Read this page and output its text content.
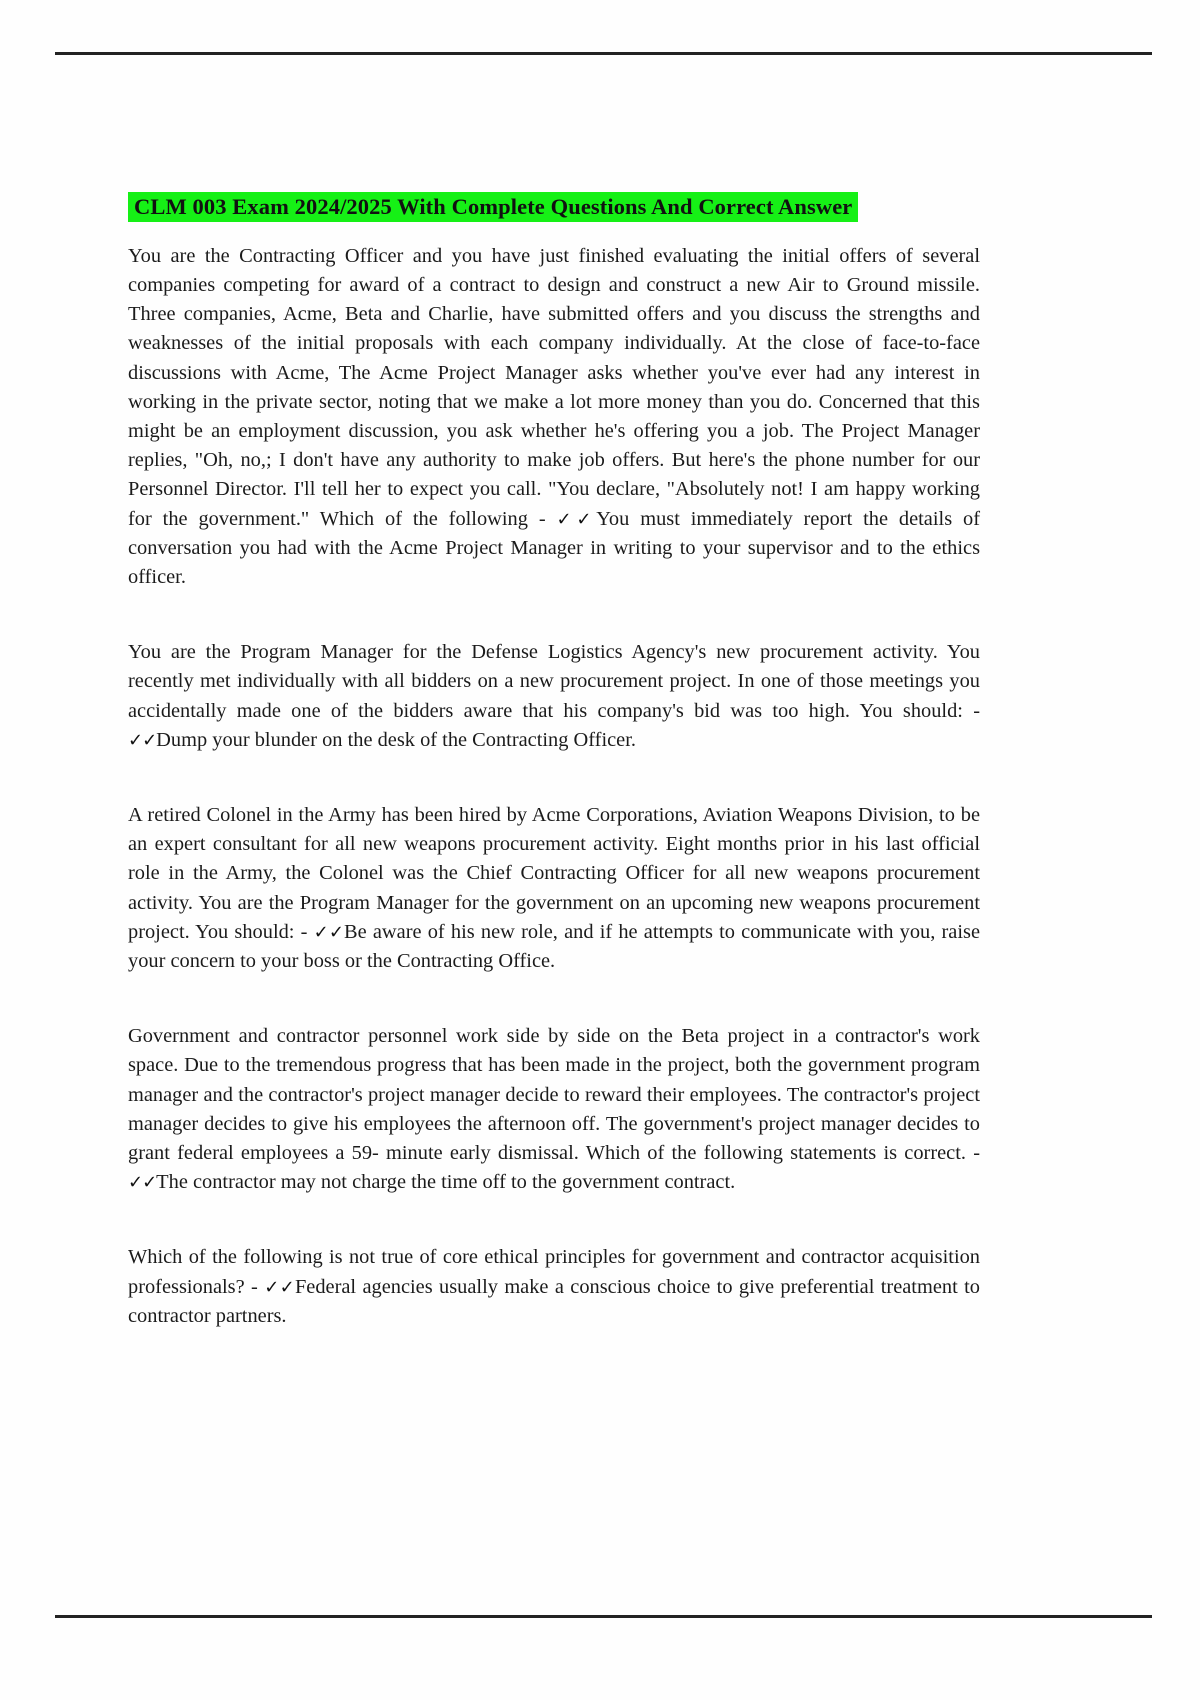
CLM 003 Exam 2024/2025 With Complete Questions And Correct Answer

You are the Contracting Officer and you have just finished evaluating the initial offers of several companies competing for award of a contract to design and construct a new Air to Ground missile. Three companies, Acme, Beta and Charlie, have submitted offers and you discuss the strengths and weaknesses of the initial proposals with each company individually. At the close of face-to-face discussions with Acme, The Acme Project Manager asks whether you've ever had any interest in working in the private sector, noting that we make a lot more money than you do. Concerned that this might be an employment discussion, you ask whether he's offering you a job. The Project Manager replies, "Oh, no,; I don't have any authority to make job offers. But here's the phone number for our Personnel Director. I'll tell her to expect you call. "You declare, "Absolutely not! I am happy working for the government." Which of the following - ✓✓You must immediately report the details of conversation you had with the Acme Project Manager in writing to your supervisor and to the ethics officer.

You are the Program Manager for the Defense Logistics Agency's new procurement activity. You recently met individually with all bidders on a new procurement project. In one of those meetings you accidentally made one of the bidders aware that his company's bid was too high. You should: - ✓✓Dump your blunder on the desk of the Contracting Officer.

A retired Colonel in the Army has been hired by Acme Corporations, Aviation Weapons Division, to be an expert consultant for all new weapons procurement activity. Eight months prior in his last official role in the Army, the Colonel was the Chief Contracting Officer for all new weapons procurement activity. You are the Program Manager for the government on an upcoming new weapons procurement project. You should: - ✓✓Be aware of his new role, and if he attempts to communicate with you, raise your concern to your boss or the Contracting Office.

Government and contractor personnel work side by side on the Beta project in a contractor's work space. Due to the tremendous progress that has been made in the project, both the government program manager and the contractor's project manager decide to reward their employees. The contractor's project manager decides to give his employees the afternoon off. The government's project manager decides to grant federal employees a 59- minute early dismissal. Which of the following statements is correct. - ✓✓The contractor may not charge the time off to the government contract.

Which of the following is not true of core ethical principles for government and contractor acquisition professionals? - ✓✓Federal agencies usually make a conscious choice to give preferential treatment to contractor partners.
